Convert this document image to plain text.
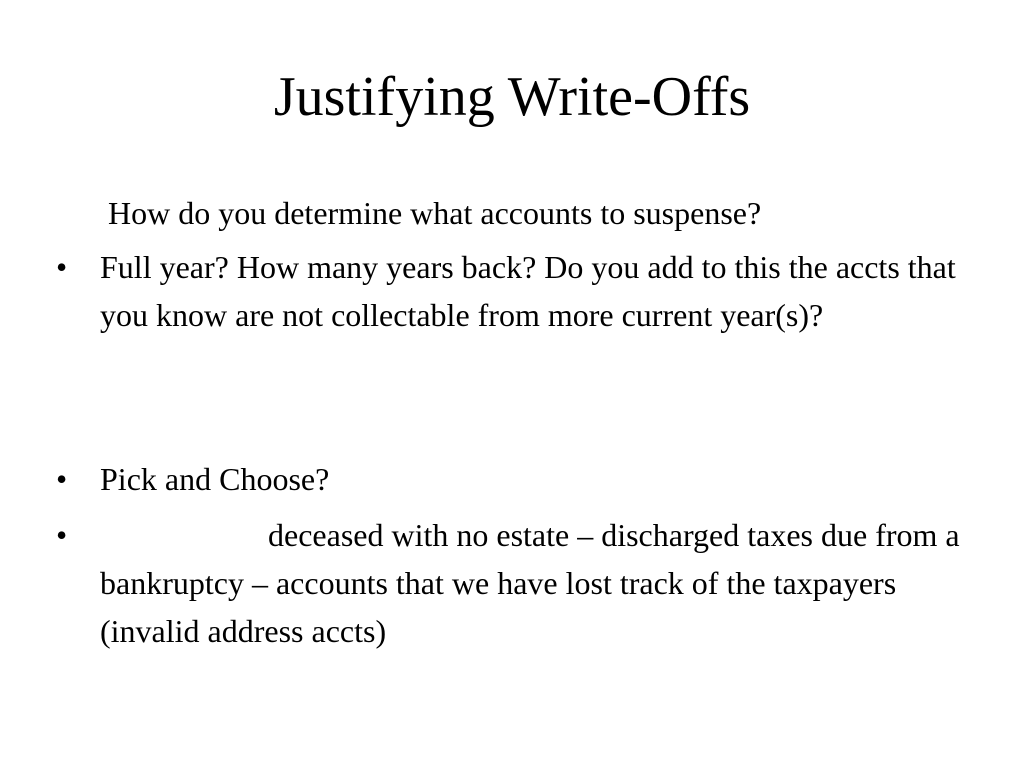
Justifying Write-Offs
How do you determine what accounts to suspense?
•	Full year? How many years back? Do you add to this the accts that you know are not collectable from more current year(s)?
•	Pick and Choose?
•	deceased with no estate – discharged taxes due from a bankruptcy – accounts that we have lost track of the taxpayers (invalid address accts)
